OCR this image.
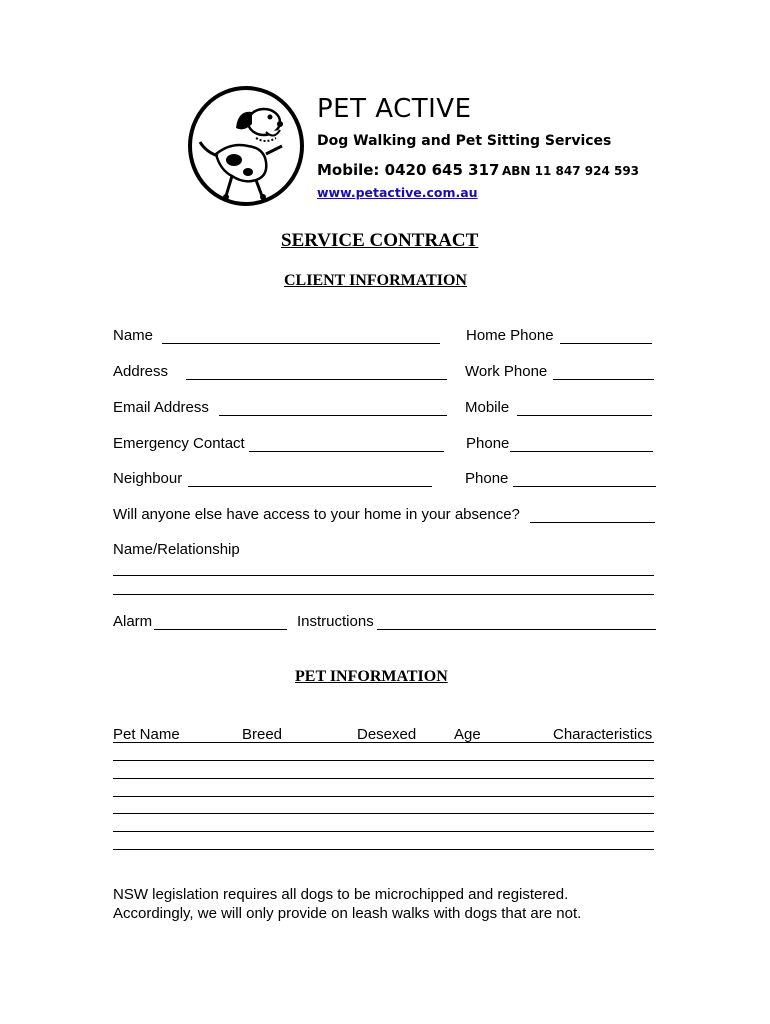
PET ACTIVE
Dog Walking and Pet Sitting Services
Mobile: 0420 645 317 ABN 11 847 924 593
www.petactive.com.au
SERVICE CONTRACT
CLIENT INFORMATION
Name	Home Phone
Address	Work Phone
Email Address	Mobile
Emergency Contact	Phone
Neighbour	Phone
Will anyone else have access to your home in your absence?
Name/Relationship
Alarm	Instructions
PET INFORMATION
Pet Name	Breed	Desexed	Age	Characteristics
NSW legislation requires all dogs to be microchipped and registered.
Accordingly, we will only provide on leash walks with dogs that are not.
